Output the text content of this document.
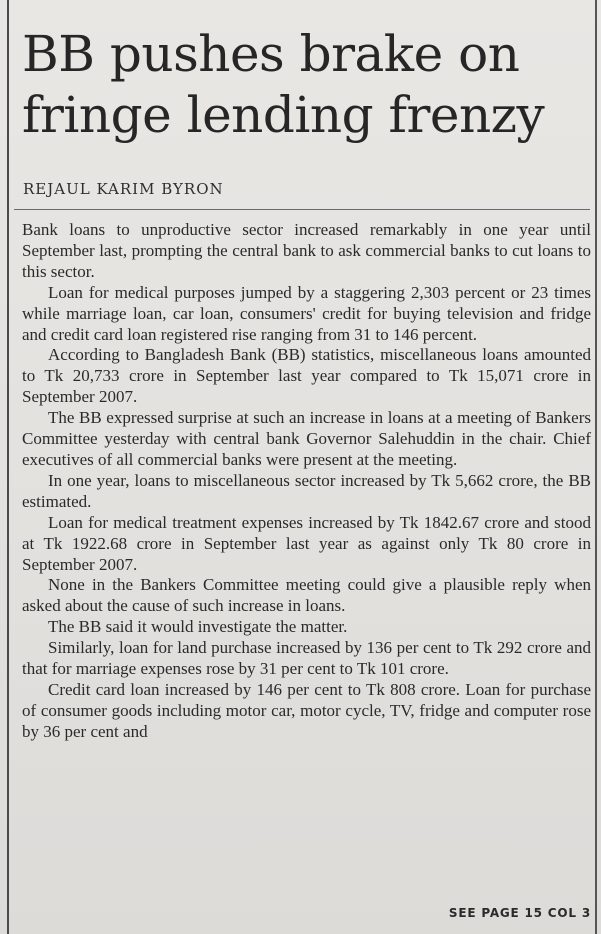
BB pushes brake on fringe lending frenzy
REJAUL KARIM BYRON

Bank loans to unproductive sector increased remarkably in one year until September last, prompting the central bank to ask commercial banks to cut loans to this sector.

Loan for medical purposes jumped by a staggering 2,303 percent or 23 times while marriage loan, car loan, consumers' credit for buying television and fridge and credit card loan registered rise ranging from 31 to 146 percent.

According to Bangladesh Bank (BB) statistics, miscellaneous loans amounted to Tk 20,733 crore in September last year compared to Tk 15,071 crore in September 2007.

The BB expressed surprise at such an increase in loans at a meeting of Bankers Committee yesterday with central bank Governor Salehuddin in the chair. Chief executives of all commercial banks were present at the meeting.

In one year, loans to miscellaneous sector increased by Tk 5,662 crore, the BB estimated.

Loan for medical treatment expenses increased by Tk 1842.67 crore and stood at Tk 1922.68 crore in September last year as against only Tk 80 crore in September 2007.

None in the Bankers Committee meeting could give a plausible reply when asked about the cause of such increase in loans.

The BB said it would investigate the matter.

Similarly, loan for land purchase increased by 136 per cent to Tk 292 crore and that for marriage expenses rose by 31 per cent to Tk 101 crore.

Credit card loan increased by 146 per cent to Tk 808 crore. Loan for purchase of consumer goods including motor car, motor cycle, TV, fridge and computer rose by 36 per cent and

SEE PAGE 15 COL 3
